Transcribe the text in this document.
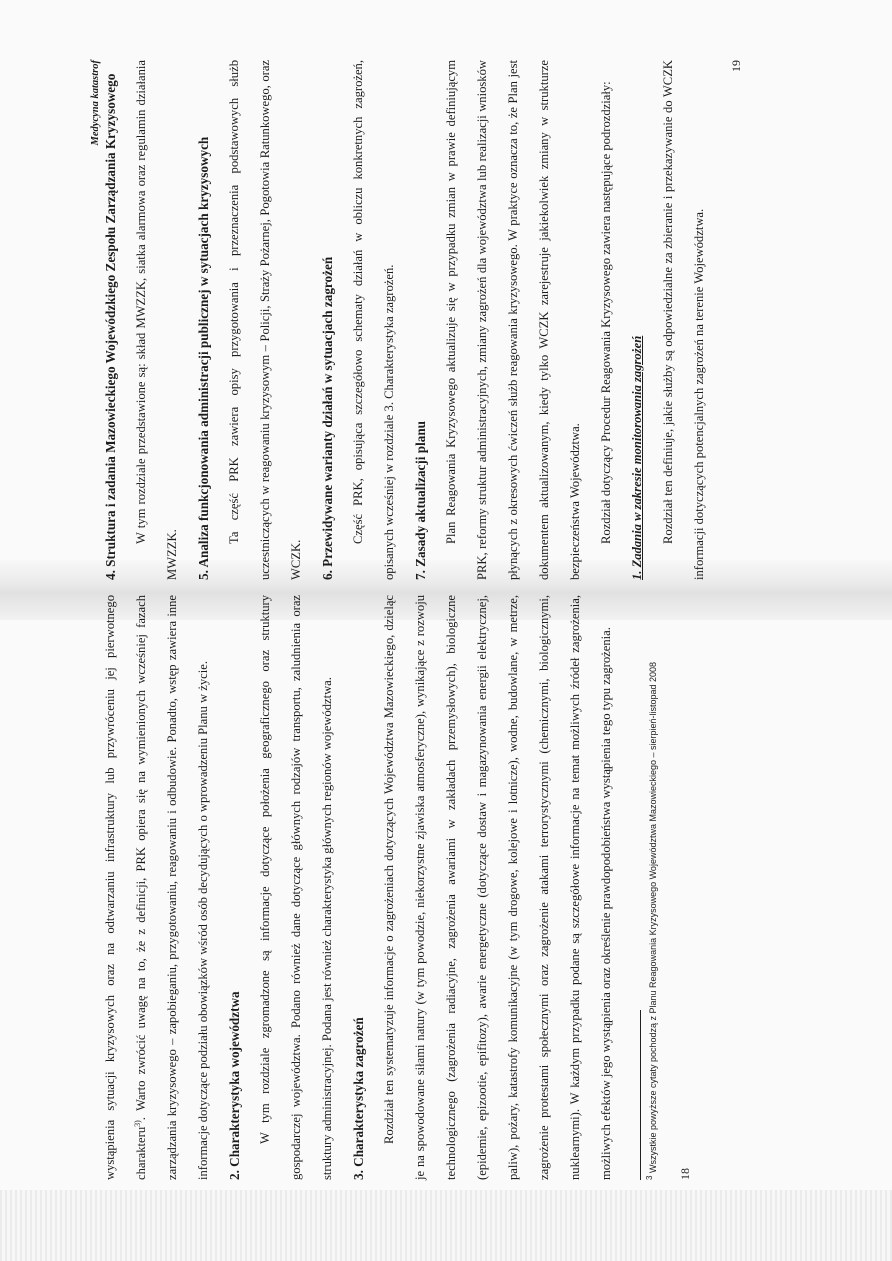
wystąpienia sytuacji kryzysowych oraz na odtwarzaniu infrastruktury lub przywróceniu jej pierwotnego charakteru$^{3)}$. Warto zwrócić uwagę na to, że z definicji, PRK opiera się na wymienionych wcześniej fazach zarządzania kryzysowego – zapobieganiu, przygotowaniu, reagowaniu i odbudowie. Ponadto, wstęp zawiera inne informacje dotyczące podziału obowiązków wśród osób decydujących o wprowadzeniu Planu w życie.	2. Charakterystyka województwa	W tym rozdziale zgromadzone są informacje dotyczące położenia geograficznego oraz struktury gospodarczej województwa. Podano również dane dotyczące głównych rodzajów transportu, zaludnienia oraz struktury administracyjnej. Podana jest również charakterystyka głównych regionów województwa.	3. Charakterystyka zagrożeń	Rozdział ten systematyzuje informacje o zagrożeniach dotyczących Województwa Mazowieckiego, dzieląc je na spowodowane siłami natury (w tym powodzie, niekorzystne zjawiska atmosferyczne), wynikające z rozwoju technologicznego (zagrożenia radiacyjne, zagrożenia awariami w zakładach przemysłowych), biologiczne (epidemie, epizootie, epifitozy), awarie energetyczne (dotyczące dostaw i magazynowania energii elektrycznej, paliw), pożary, katastrofy komunikacyjne (w tym drogowe, kolejowe i lotnicze), wodne, budowlane, w metrze, zagrożenie protestami społecznymi oraz zagrożenie atakami terrorystycznymi (chemicznymi, biologicznymi, nuklearnymi). W każdym przypadku podane są szczegółowe informacje na temat możliwych źródeł zagrożenia, możliwych efektów jego wystąpienia oraz określenie prawdopodobieństwa wystąpienia tego typu zagrożenia.	$^3$ Wszystkie powyższe cytaty pochodzą z Planu Reagowania Kryzysowego Województwa Mazowieckiego – sierpień-listopad 2008

18

Medycyna katastrof 4. Struktura i zadania Mazowieckiego Wojewódzkiego Zespołu Zarządzania Kryzysowego	W tym rozdziale przedstawione są: skład MWZZK, siatka alarmowa oraz regulamin działania MWZZK.	5. Analiza funkcjonowania administracji publicznej w sytuacjach kryzysowych	Ta część PRK zawiera opisy przygotowania i przeznaczenia podstawowych służb uczestniczących w reagowaniu kryzysowym – Policji, Straży Pożarnej, Pogotowia Ratunkowego, oraz WCZK.	6. Przewidywane warianty działań w sytuacjach zagrożeń	Część PRK, opisująca szczegółowo schematy działań w obliczu konkretnych zagrożeń, opisanych wcześniej w rozdziale 3. Charakterystyka zagrożeń.	7. Zasady aktualizacji planu	Plan Reagowania Kryzysowego aktualizuje się w przypadku zmian w prawie definiującym PRK, reformy struktur administracyjnych, zmiany zagrożeń dla województwa lub realizacji wniosków płynących z okresowych ćwiczeń służb reagowania kryzysowego. W praktyce oznacza to, że Plan jest dokumentem aktualizowanym, kiedy tylko WCZK zarejestruje jakiekolwiek zmiany w strukturze bezpieczeństwa Województwa.	Rozdział dotyczący Procedur Reagowania Kryzysowego zawiera następujące podrozdziały:	1. Zadania w zakresie monitorowania zagrożeń	Rozdział ten definiuje, jakie służby są odpowiedzialne za zbieranie i przekazywanie do WCZK informacji dotyczących potencjalnych zagrożeń na terenie Województwa.

19
